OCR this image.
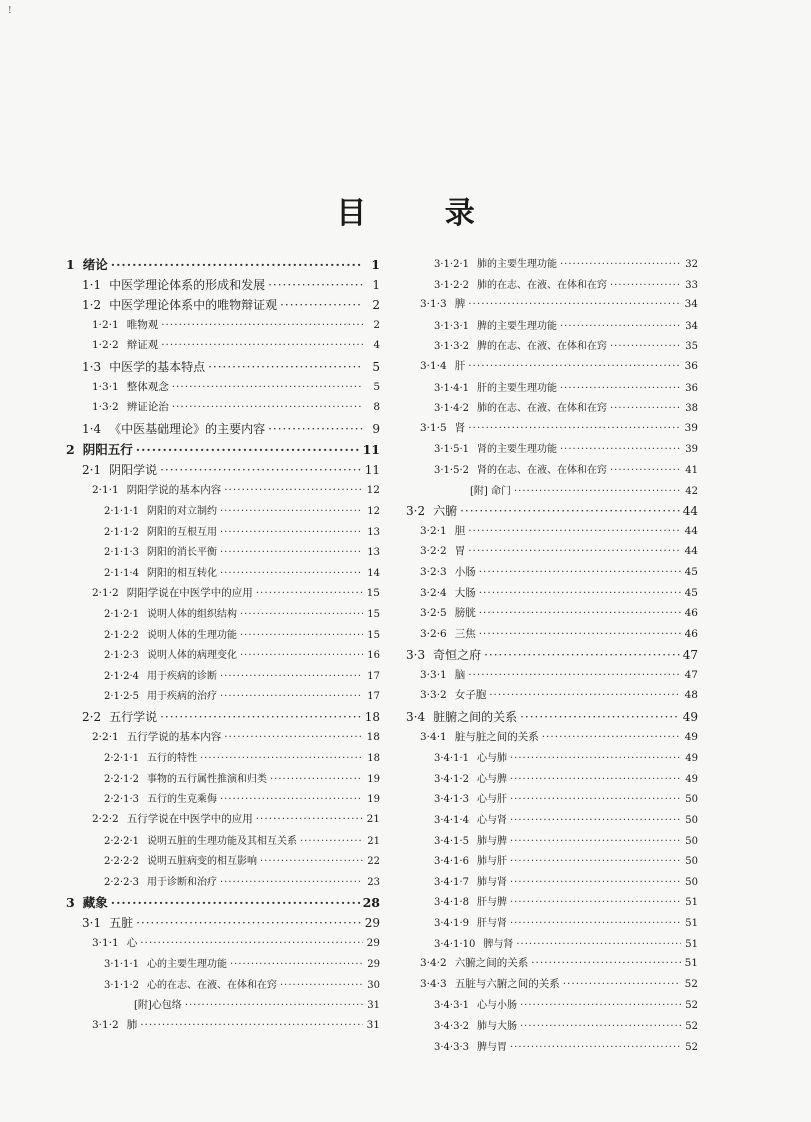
!
目 录
1 绪论 ·····	1
1·1 中医学理论体系的形成和发展 ·····	1
1·2 中医学理论体系中的唯物辩证观 ·····	2
1·2·1 唯物观 ·····	2
1·2·2 辩证观 ·····	4
1·3 中医学的基本特点 ·····	5
1·3·1 整体观念 ·····	5
1·3·2 辨证论治 ·····	8
1·4 《中医基础理论》的主要内容 ·····	9
2 阴阳五行 ·····	11
2·1 阴阳学说 ·····	11
2·1·1 阴阳学说的基本内容 ·····	12
2·1·1·1 阴阳的对立制约 ·····	12
2·1·1·2 阴阳的互根互用 ·····	13
2·1·1·3 阴阳的消长平衡 ·····	13
2·1·1·4 阴阳的相互转化 ·····	14
2·1·2 阴阳学说在中医学中的应用 ·····	15
2·1·2·1 说明人体的组织结构 ·····	15
2·1·2·2 说明人体的生理功能 ·····	15
2·1·2·3 说明人体的病理变化 ·····	16
2·1·2·4 用于疾病的诊断 ·····	17
2·1·2·5 用于疾病的治疗 ·····	17
2·2 五行学说 ·····	18
2·2·1 五行学说的基本内容 ·····	18
2·2·1·1 五行的特性 ·····	18
2·2·1·2 事物的五行属性推演和归类 ·····	19
2·2·1·3 五行的生克乘侮 ·····	19
2·2·2 五行学说在中医学中的应用 ·····	21
2·2·2·1 说明五脏的生理功能及其相互关系 ·····	21
2·2·2·2 说明五脏病变的相互影响 ·····	22
2·2·2·3 用于诊断和治疗 ·····	23
3 藏象 ·····	28
3·1 五脏 ·····	29
3·1·1 心 ·····	29
3·1·1·1 心的主要生理功能 ·····	29
3·1·1·2 心的在志、在液、在体和在窍 ·····	30
[附]心包络 ·····	31
3·1·2 肺 ·····	31
3·1·2·1 肺的主要生理功能 ·····	32
3·1·2·2 肺的在志、在液、在体和在窍 ·····	33
3·1·3 脾 ·····	34
3·1·3·1 脾的主要生理功能 ·····	34
3·1·3·2 脾的在志、在液、在体和在窍 ·····	35
3·1·4 肝 ·····	36
3·1·4·1 肝的主要生理功能 ·····	36
3·1·4·2 肺的在志、在液、在体和在窍 ·····	38
3·1·5 肾 ·····	39
3·1·5·1 肾的主要生理功能 ·····	39
3·1·5·2 肾的在志、在液、在体和在窍 ·····	41
[附] 命门 ·····	42
3·2 六腑 ·····	44
3·2·1 胆 ·····	44
3·2·2 胃 ·····	44
3·2·3 小肠 ·····	45
3·2·4 大肠 ·····	45
3·2·5 膀胱 ·····	46
3·2·6 三焦 ·····	46
3·3 奇恒之府 ·····	47
3·3·1 脑 ·····	47
3·3·2 女子胞 ·····	48
3·4 脏腑之间的关系 ·····	49
3·4·1 脏与脏之间的关系 ·····	49
3·4·1·1 心与肺 ·····	49
3·4·1·2 心与脾 ·····	49
3·4·1·3 心与肝 ·····	50
3·4·1·4 心与肾 ·····	50
3·4·1·5 肺与脾 ·····	50
3·4·1·6 肺与肝 ·····	50
3·4·1·7 肺与肾 ·····	50
3·4·1·8 肝与脾 ·····	51
3·4·1·9 肝与肾 ·····	51
3·4·1·10 脾与肾 ·····	51
3·4·2 六腑之间的关系 ·····	51
3·4·3 五脏与六腑之间的关系 ·····	52
3·4·3·1 心与小肠 ·····	52
3·4·3·2 肺与大肠 ·····	52
3·4·3·3 脾与胃 ·····	52
